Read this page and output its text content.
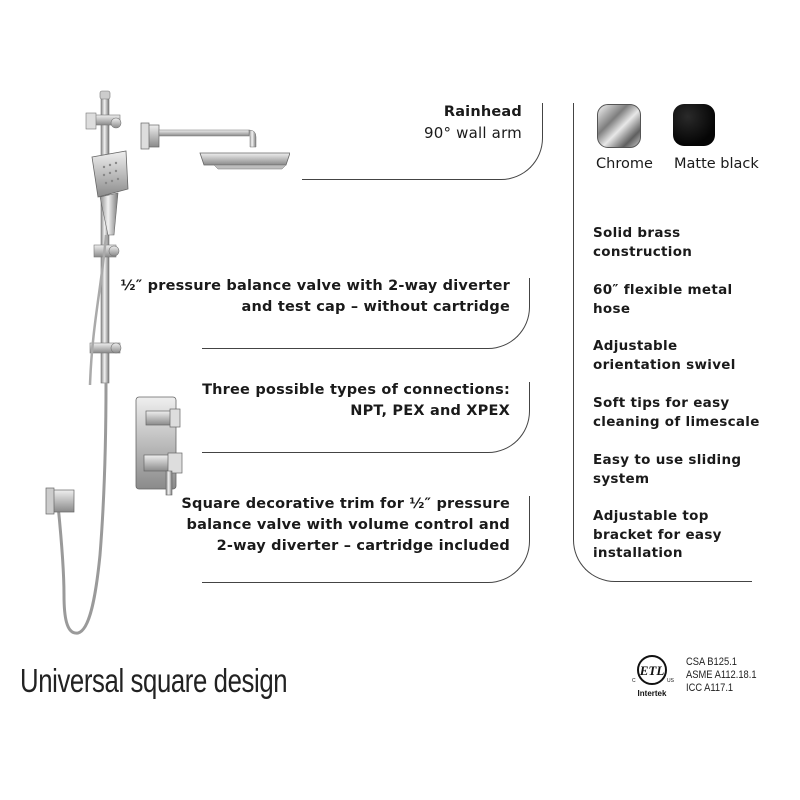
Rainhead
90° wall arm
½″ pressure balance valve with 2-way diverter
and test cap – without cartridge
Three possible types of connections:
NPT, PEX and XPEX
Square decorative trim for ½″ pressure
balance valve with volume control and
2-way diverter – cartridge included
Chrome Matte black
Solid brass
construction
60″ flexible metal
hose
Adjustable
orientation swivel
Soft tips for easy
cleaning of limescale
Easy to use sliding
system
Adjustable top
bracket for easy
installation
Universal square design	ETL
C	US
Intertek
CSA B125.1
ASME A112.18.1
ICC A117.1
